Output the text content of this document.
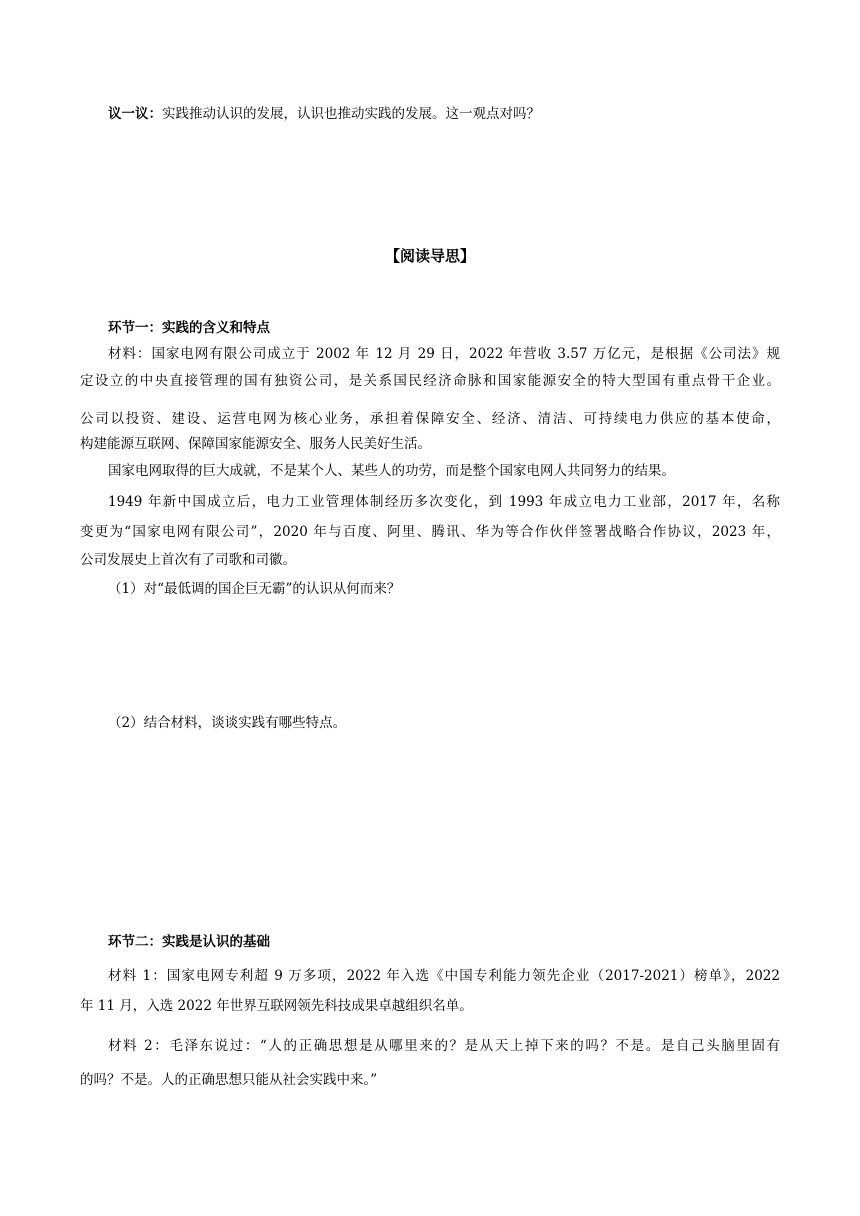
议一议：实践推动认识的发展，认识也推动实践的发展。这一观点对吗？
【阅读导思】
环节一：实践的含义和特点
材料：国家电网有限公司成立于 2002 年 12 月 29 日，2022 年营收 3.57 万亿元，是根据《公司法》规
定设立的中央直接管理的国有独资公司，是关系国民经济命脉和国家能源安全的特大型国有重点骨干企业。
公司以投资、建设、运营电网为核心业务，承担着保障安全、经济、清洁、可持续电力供应的基本使命，
构建能源互联网、保障国家能源安全、服务人民美好生活。
国家电网取得的巨大成就，不是某个人、某些人的功劳，而是整个国家电网人共同努力的结果。
1949 年新中国成立后，电力工业管理体制经历多次变化，到 1993 年成立电力工业部，2017 年，名称
变更为“国家电网有限公司”，2020 年与百度、阿里、腾讯、华为等合作伙伴签署战略合作协议，2023 年，
公司发展史上首次有了司歌和司徽。
（1）对“最低调的国企巨无霸”的认识从何而来？
（2）结合材料，谈谈实践有哪些特点。
环节二：实践是认识的基础
材料 1：国家电网专利超 9 万多项，2022 年入选《中国专利能力领先企业（2017-2021）榜单》，2022
年 11 月，入选 2022 年世界互联网领先科技成果卓越组织名单。
材料 2：毛泽东说过：“人的正确思想是从哪里来的？是从天上掉下来的吗？不是。是自己头脑里固有
的吗？不是。人的正确思想只能从社会实践中来。”
